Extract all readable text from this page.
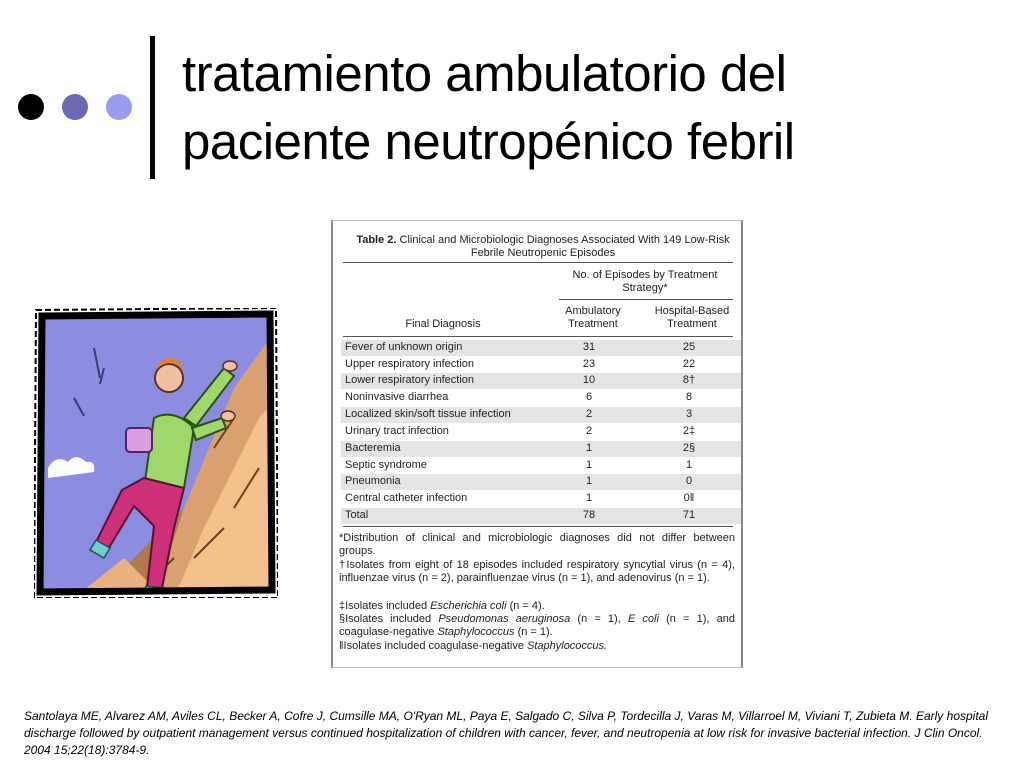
tratamiento ambulatorio del
paciente neutropénico febril
Table 2. Clinical and Microbiologic Diagnoses Associated With 149 Low-Risk Febrile Neutropenic Episodes
No. of Episodes by Treatment Strategy*
Final Diagnosis
Ambulatory Treatment
Hospital-Based Treatment
Fever of unknown origin	31	25
Upper respiratory infection	23	22
Lower respiratory infection	10	8†
Noninvasive diarrhea	6	8
Localized skin/soft tissue infection	2	3
Urinary tract infection	2	2‡
Bacteremia	1	2§
Septic syndrome	1	1
Pneumonia	1	0
Central catheter infection	1	0‖
Total	78	71
*Distribution of clinical and microbiologic diagnoses did not differ between groups.
†Isolates from eight of 18 episodes included respiratory syncytial virus (n = 4), influenzae virus (n = 2), parainfluenzae virus (n = 1), and adenovirus (n = 1).
‡Isolates included Escherichia coli (n = 4).
§Isolates included Pseudomonas aeruginosa (n = 1), E coli (n = 1), and coagulase-negative Staphylococcus (n = 1).
‖Isolates included coagulase-negative Staphylococcus.
Santolaya ME, Alvarez AM, Aviles CL, Becker A, Cofre J, Cumsille MA, O'Ryan ML, Paya E, Salgado C, Silva P, Tordecilla J, Varas M, Villarroel M, Viviani T, Zubieta M. Early hospital discharge followed by outpatient management versus continued hospitalization of children with cancer, fever, and neutropenia at low risk for invasive bacterial infection. J Clin Oncol. 2004 15;22(18):3784-9.
